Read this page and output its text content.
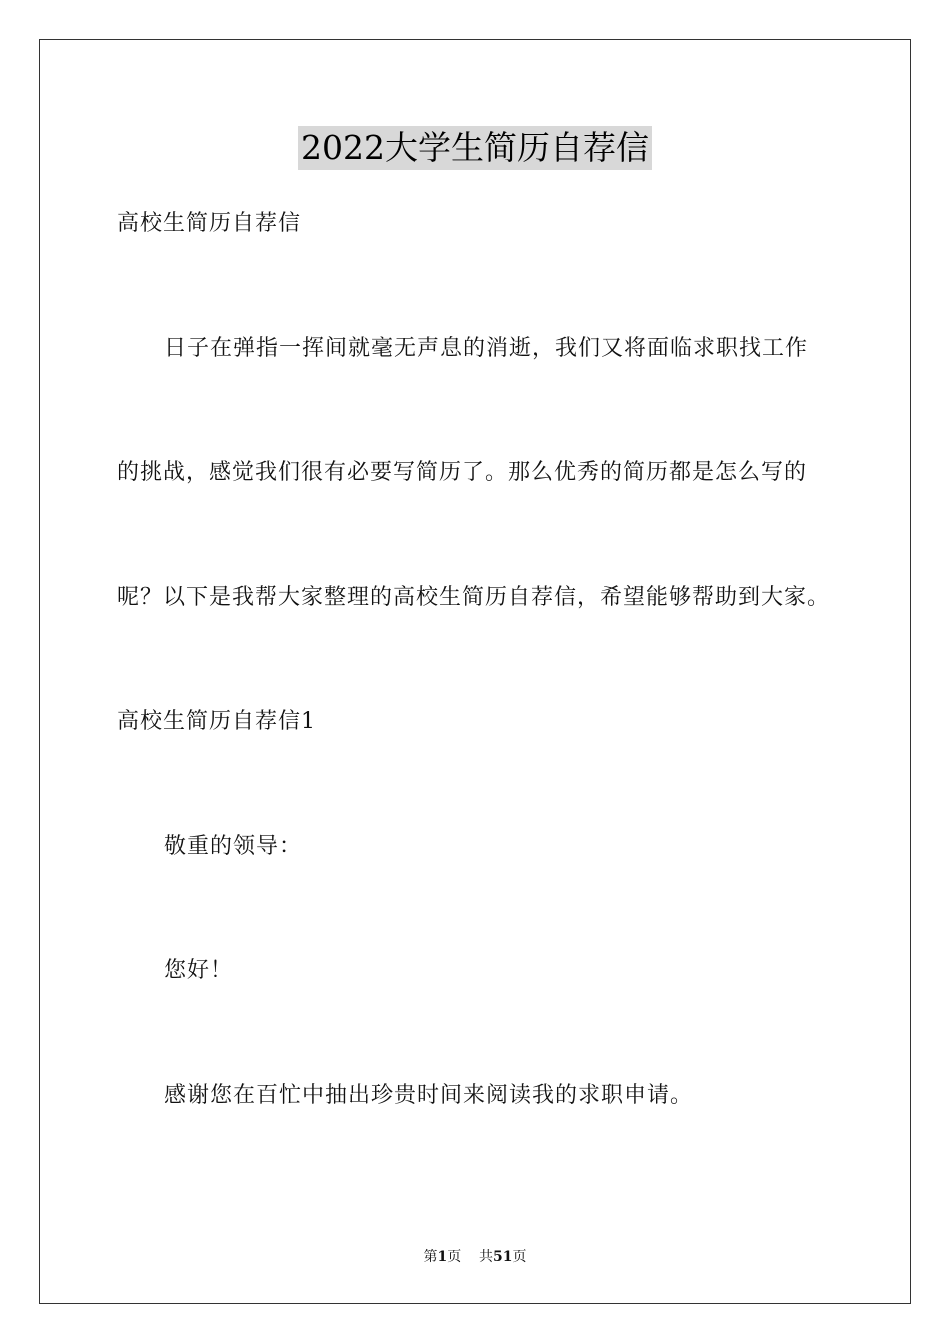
2022大学生简历自荐信
高校生简历自荐信
日子在弹指一挥间就毫无声息的消逝，我们又将面临求职找工作
的挑战，感觉我们很有必要写简历了。那么优秀的简历都是怎么写的
呢？以下是我帮大家整理的高校生简历自荐信，希望能够帮助到大家。
高校生简历自荐信1
敬重的领导：
您好！
感谢您在百忙中抽出珍贵时间来阅读我的求职申请。
第1页 共51页
